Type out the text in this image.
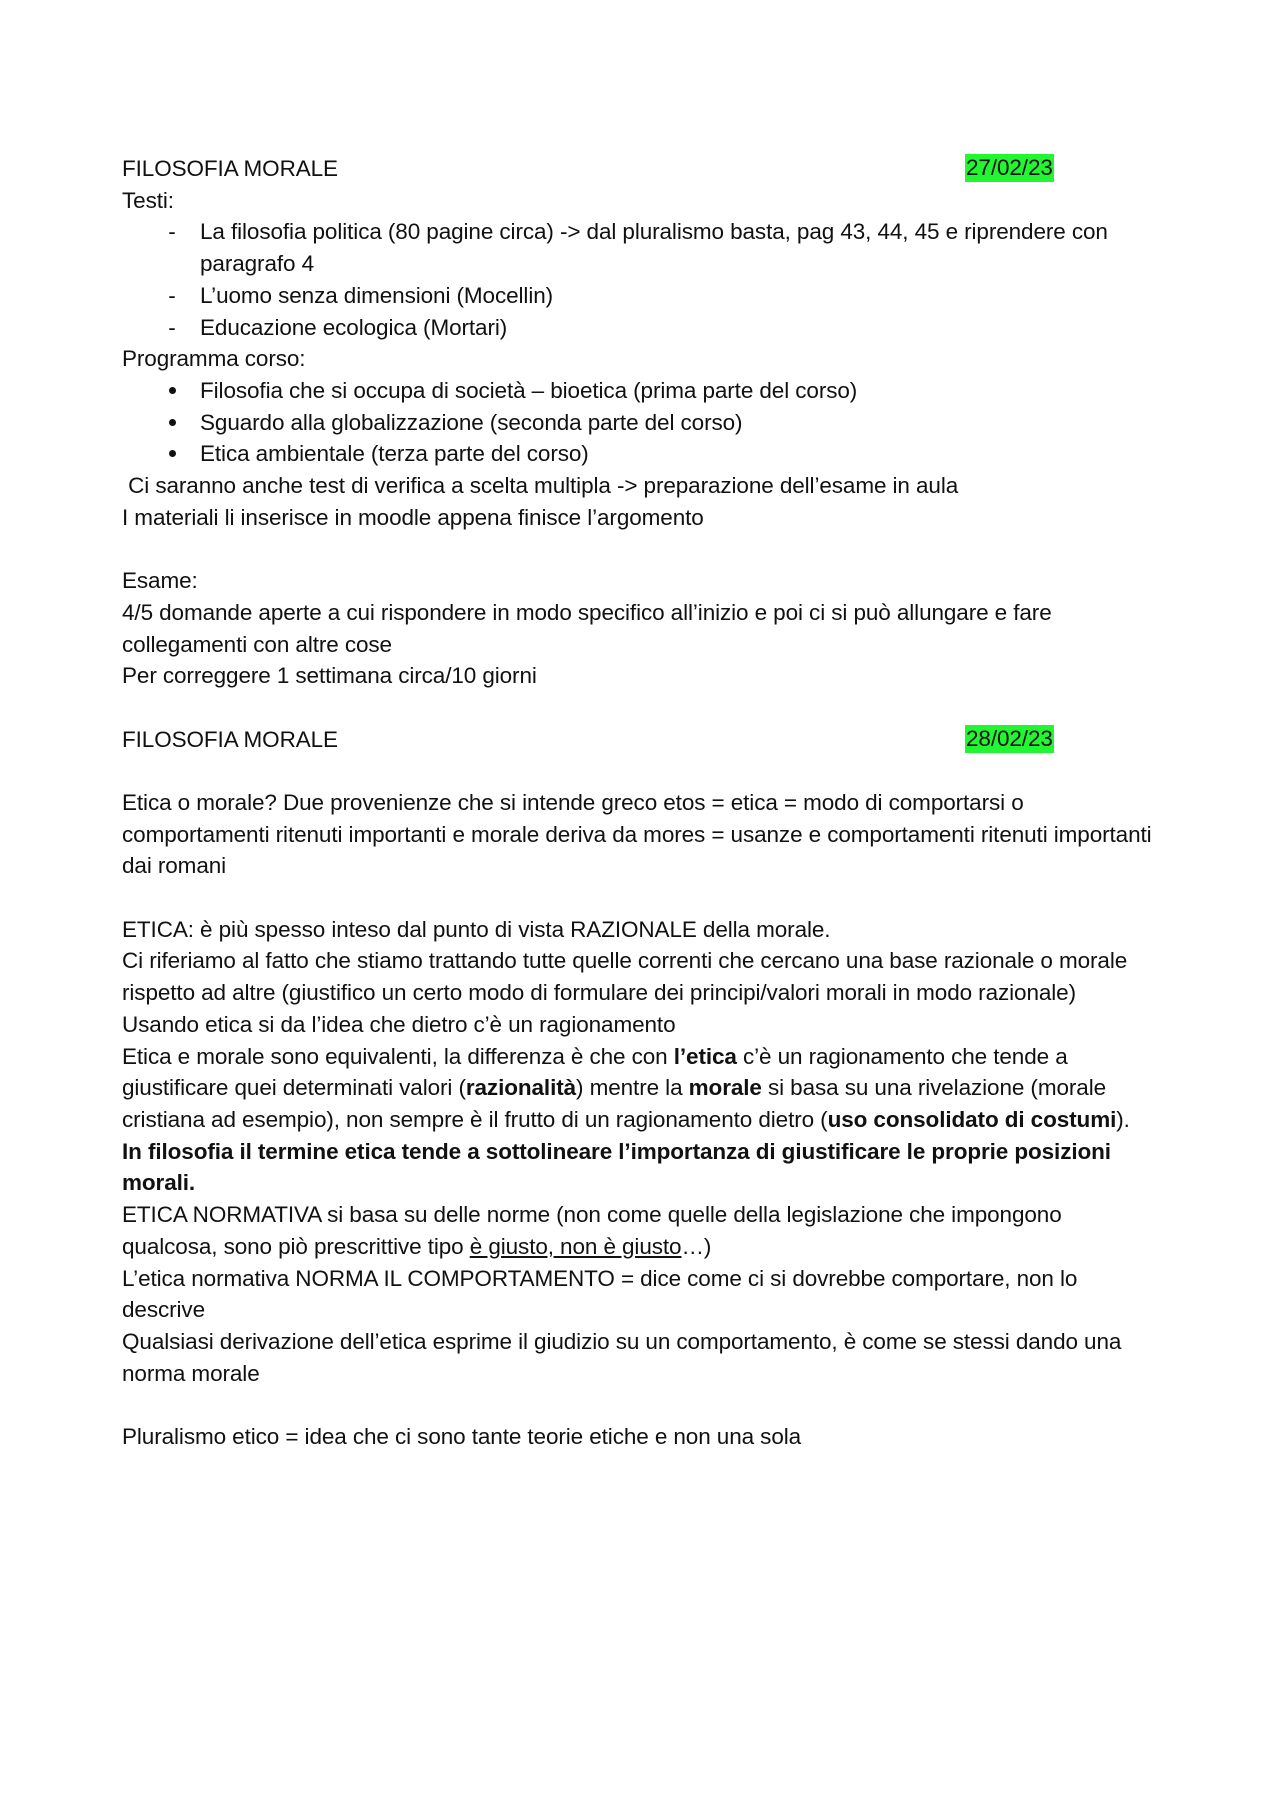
FILOSOFIA MORALE	27/02/23
Testi:
- La filosofia politica (80 pagine circa) -> dal pluralismo basta, pag 43, 44, 45 e riprendere con paragrafo 4
- L’uomo senza dimensioni (Mocellin)
- Educazione ecologica (Mortari)
Programma corso:
Filosofia che si occupa di società – bioetica (prima parte del corso)
Sguardo alla globalizzazione (seconda parte del corso)
Etica ambientale (terza parte del corso)
Ci saranno anche test di verifica a scelta multipla -> preparazione dell’esame in aula
I materiali li inserisce in moodle appena finisce l’argomento
Esame:
4/5 domande aperte a cui rispondere in modo specifico all’inizio e poi ci si può allungare e fare collegamenti con altre cose
Per correggere 1 settimana circa/10 giorni
FILOSOFIA MORALE	28/02/23
Etica o morale? Due provenienze che si intende greco etos = etica = modo di comportarsi o comportamenti ritenuti importanti e morale deriva da mores = usanze e comportamenti ritenuti importanti dai romani
ETICA: è più spesso inteso dal punto di vista RAZIONALE della morale.
Ci riferiamo al fatto che stiamo trattando tutte quelle correnti che cercano una base razionale o morale rispetto ad altre (giustifico un certo modo di formulare dei principi/valori morali in modo razionale)
Usando etica si da l’idea che dietro c’è un ragionamento
Etica e morale sono equivalenti, la differenza è che con l’etica c’è un ragionamento che tende a giustificare quei determinati valori (razionalità) mentre la morale si basa su una rivelazione (morale cristiana ad esempio), non sempre è il frutto di un ragionamento dietro (uso consolidato di costumi).
In filosofia il termine etica tende a sottolineare l’importanza di giustificare le proprie posizioni morali.
ETICA NORMATIVA si basa su delle norme (non come quelle della legislazione che impongono qualcosa, sono piò prescrittive tipo è giusto, non è giusto…)
L’etica normativa NORMA IL COMPORTAMENTO = dice come ci si dovrebbe comportare, non lo descrive
Qualsiasi derivazione dell’etica esprime il giudizio su un comportamento, è come se stessi dando una norma morale
Pluralismo etico = idea che ci sono tante teorie etiche e non una sola
